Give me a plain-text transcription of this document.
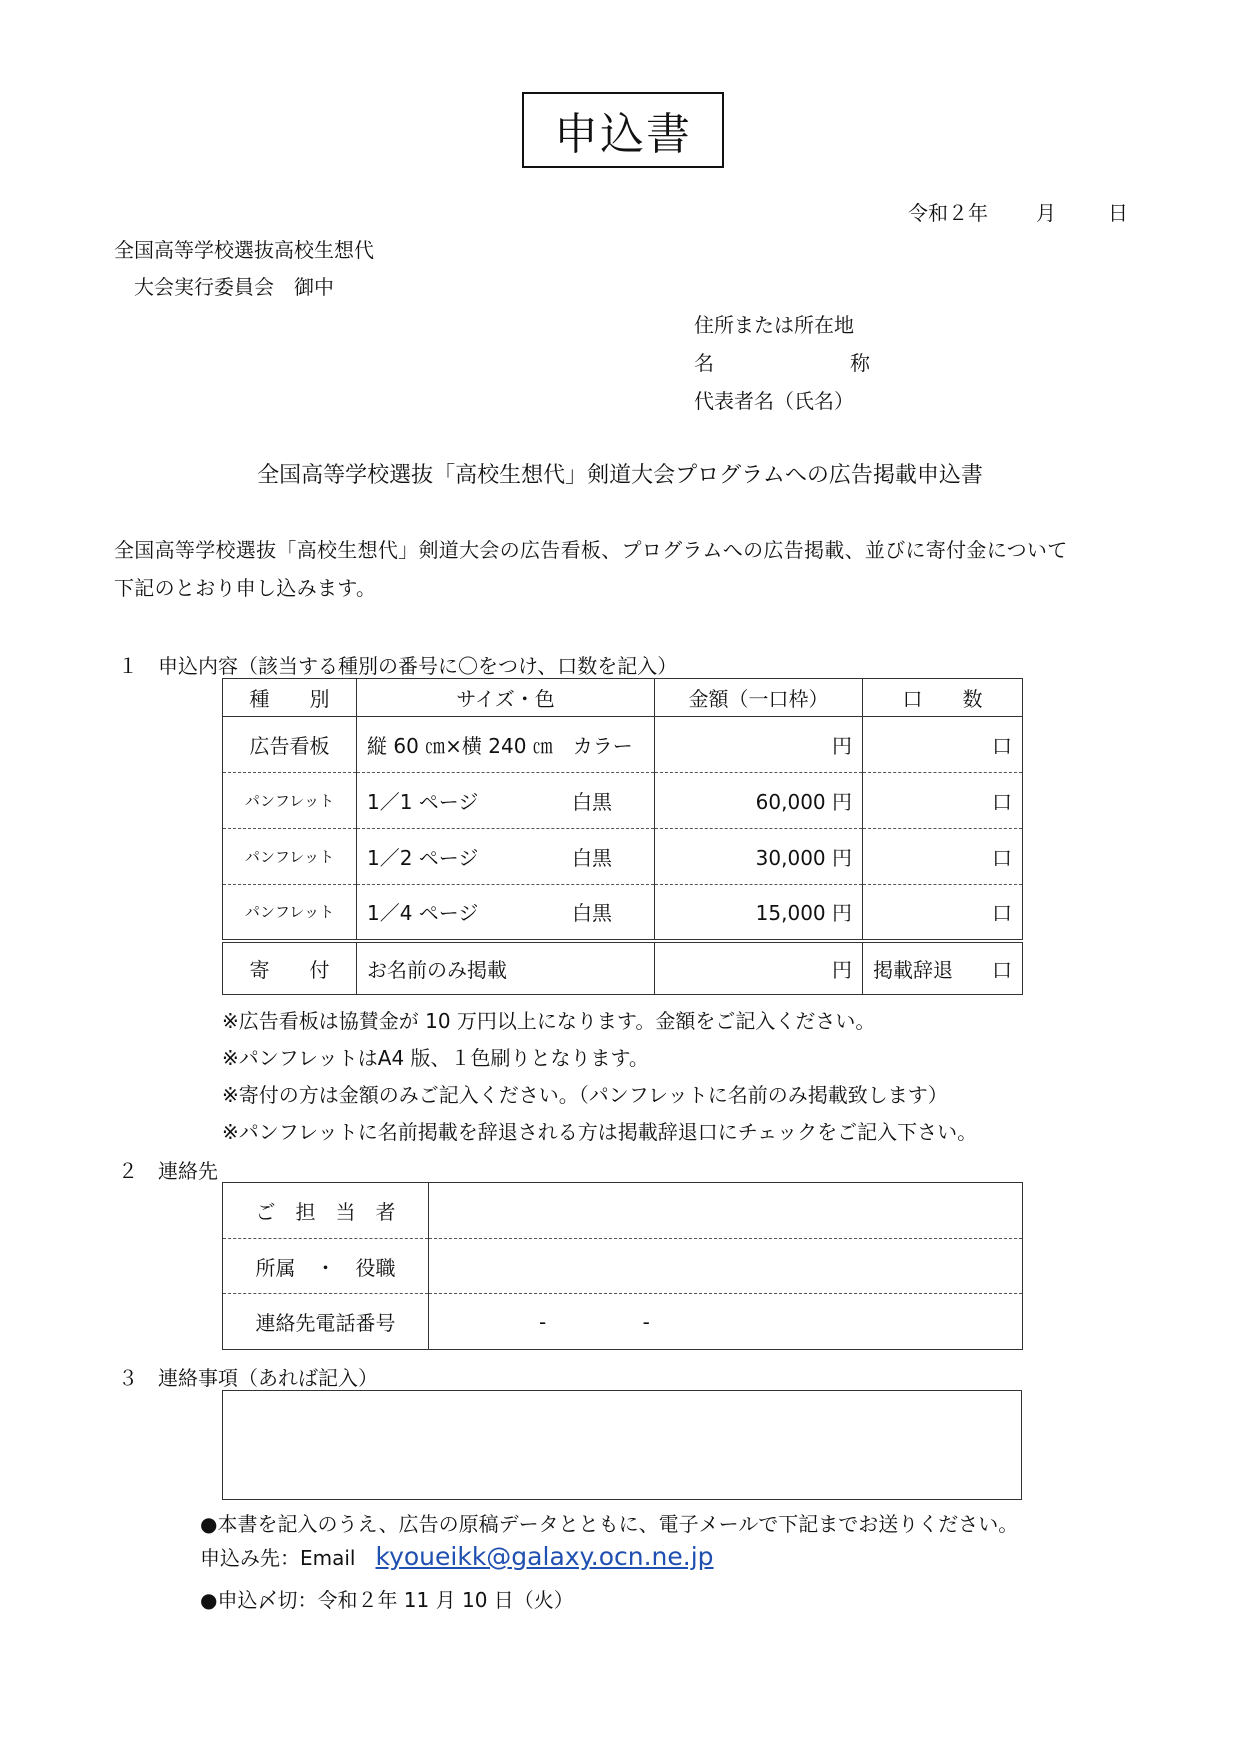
申込書
令和２年 月	日
全国高等学校選抜高校生想代
大会実行委員会　御中
住所または所在地
名	称
代表者名（氏名）
全国高等学校選抜「高校生想代」剣道大会プログラムへの広告掲載申込書
全国高等学校選抜「高校生想代」剣道大会の広告看板、プログラムへの広告掲載、並びに寄付金について
下記のとおり申し込みます。
１　申込内容（該当する種別の番号に〇をつけ、口数を記入）
種　　 別	サイズ・色	金額（一口枠）	口　　 数
広告看板	縦 60 ㎝×横 240 ㎝　カラー	円	口
パンフレット	1／1 ページ 白黒	60,000 円	口
パンフレット	1／2 ページ 白黒	30,000 円	口
パンフレット	1／4 ページ 白黒	15,000 円	口
寄　　 付	お名前のみ掲載	円	掲載辞退 口
※広告看板は協賛金が 10 万円以上になります。金額をご記入ください。
※パンフレットはA4 版、１色刷りとなります。
※寄付の方は金額のみご記入ください。（パンフレットに名前のみ掲載致します）
※パンフレットに名前掲載を辞退される方は掲載辞退口にチェックをご記入下さい。
２　連絡先
ご　担　当　者	
所属　・　役職	
連絡先電話番号	- -
３　連絡事項（あれば記入）
●本書を記入のうえ、広告の原稿データとともに、電子メールで下記までお送りください。
申込み先：Email kyoueikk@galaxy.ocn.ne.jp
●申込〆切：令和２年 11 月 10 日（火）
